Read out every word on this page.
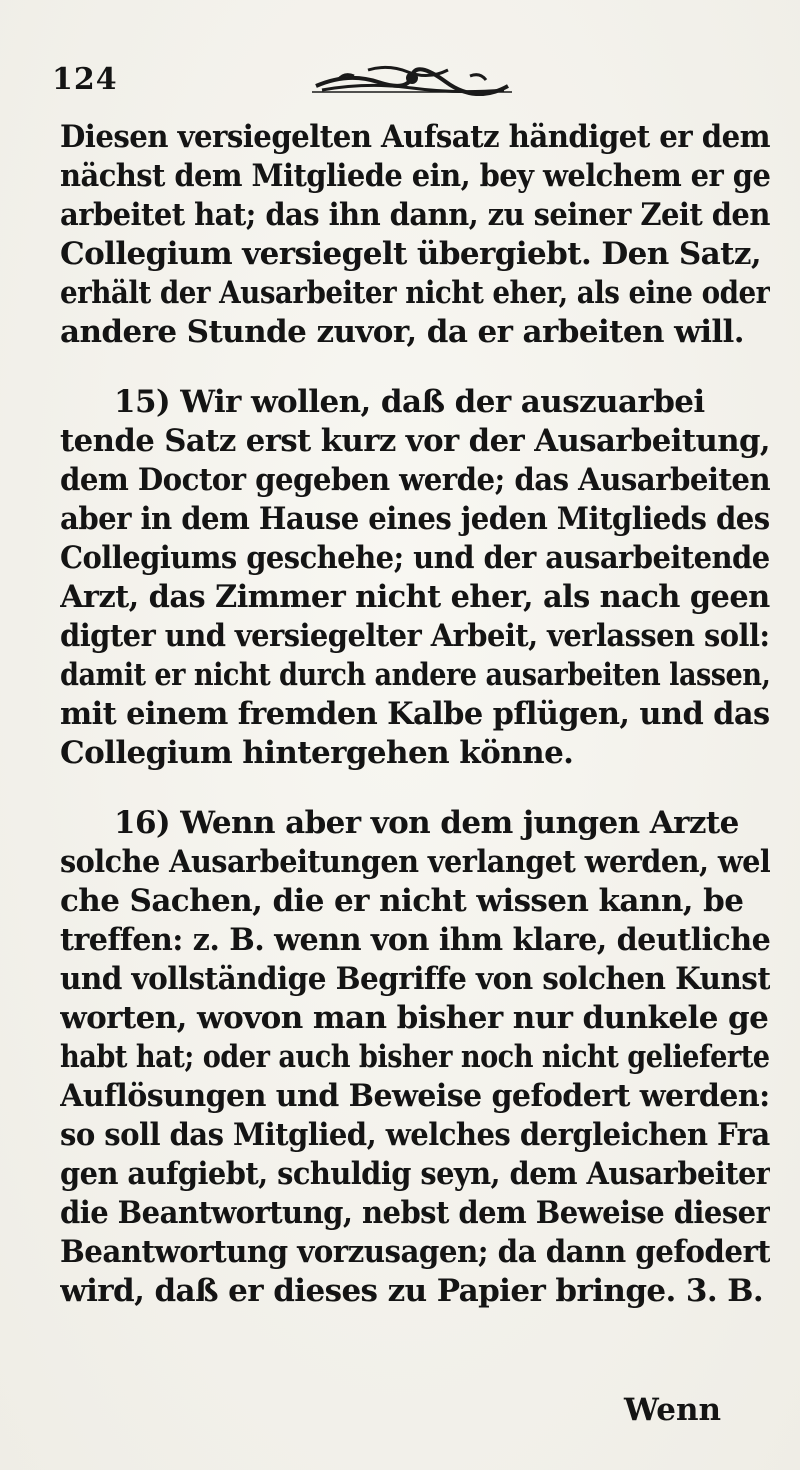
124
Diesen versiegelten Aufsatz händiget er dem
nächst dem Mitgliede ein, bey welchem er ge
arbeitet hat; das ihn dann, zu seiner Zeit den
Collegium versiegelt übergiebt. Den Satz,
erhält der Ausarbeiter nicht eher, als eine oder
andere Stunde zuvor, da er arbeiten will.
15) Wir wollen, daß der auszuarbei
tende Satz erst kurz vor der Ausarbeitung,
dem Doctor gegeben werde; das Ausarbeiten
aber in dem Hause eines jeden Mitglieds des
Collegiums geschehe; und der ausarbeitende
Arzt, das Zimmer nicht eher, als nach geen
digter und versiegelter Arbeit, verlassen soll:
damit er nicht durch andere ausarbeiten lassen,
mit einem fremden Kalbe pflügen, und das
Collegium hintergehen könne.
16) Wenn aber von dem jungen Arzte
solche Ausarbeitungen verlanget werden, wel
che Sachen, die er nicht wissen kann, be
treffen: z. B. wenn von ihm klare, deutliche
und vollständige Begriffe von solchen Kunst
worten, wovon man bisher nur dunkele ge
habt hat; oder auch bisher noch nicht gelieferte
Auflösungen und Beweise gefodert werden:
so soll das Mitglied, welches dergleichen Fra
gen aufgiebt, schuldig seyn, dem Ausarbeiter
die Beantwortung, nebst dem Beweise dieser
Beantwortung vorzusagen; da dann gefodert
wird, daß er dieses zu Papier bringe. 3. B.
Wenn
